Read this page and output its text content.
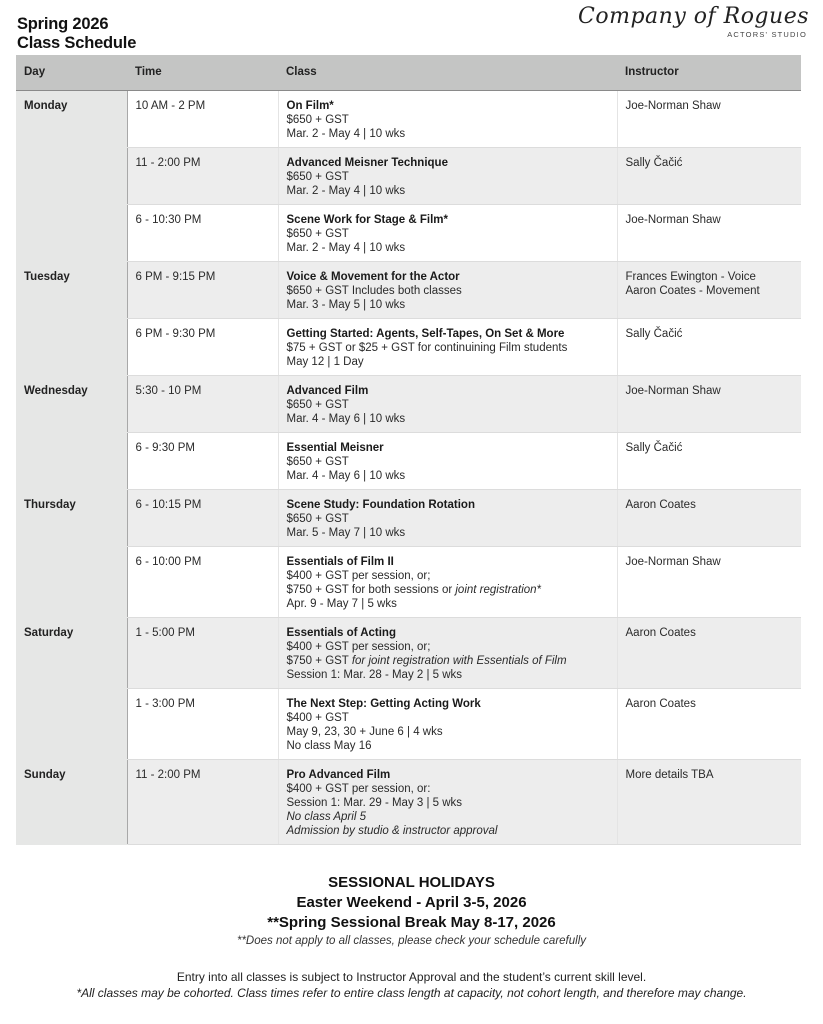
Spring 2026
Class Schedule
Company of Rogues
ACTORS' STUDIO
Day	Time	Class	Instructor
Monday	10 AM - 2 PM	On Film*
$650 + GST
Mar. 2 - May 4 | 10 wks	Joe-Norman Shaw

	11 - 2:00 PM	Advanced Meisner Technique
$650 + GST
Mar. 2 - May 4 | 10 wks	Sally Čačić

	6 - 10:30 PM	Scene Work for Stage & Film*
$650 + GST
Mar. 2 - May 4 | 10 wks	Joe-Norman Shaw

Tuesday	6 PM - 9:15 PM	Voice & Movement for the Actor
$650 + GST Includes both classes
Mar. 3 - May 5 | 10 wks	Frances Ewington - Voice
Aaron Coates - Movement

	6 PM - 9:30 PM	Getting Started: Agents, Self-Tapes, On Set & More
$75 + GST or $25 + GST for continuining Film students
May 12 | 1 Day	Sally Čačić

Wednesday	5:30 - 10 PM	Advanced Film
$650 + GST
Mar. 4 - May 6 | 10 wks	Joe-Norman Shaw

	6 - 9:30 PM	Essential Meisner
$650 + GST
Mar. 4 - May 6 | 10 wks	Sally Čačić

Thursday	6 - 10:15 PM	Scene Study: Foundation Rotation
$650 + GST
Mar. 5 - May 7 | 10 wks	Aaron Coates

	6 - 10:00 PM	Essentials of Film II
$400 + GST per session, or;
$750 + GST for both sessions or joint registration*
Apr. 9 - May 7 | 5 wks	Joe-Norman Shaw

Saturday	1 - 5:00 PM	Essentials of Acting
$400 + GST per session, or;
$750 + GST for joint registration with Essentials of Film
Session 1: Mar. 28 - May 2 | 5 wks	Aaron Coates

	1 - 3:00 PM	The Next Step: Getting Acting Work
$400 + GST
May 9, 23, 30 + June 6 | 4 wks
No class May 16	Aaron Coates

Sunday	11 - 2:00 PM	Pro Advanced Film
$400 + GST per session, or:
Session 1: Mar. 29 - May 3 | 5 wks
No class April 5
Admission by studio & instructor approval	More details TBA
SESSIONAL HOLIDAYS
Easter Weekend - April 3-5, 2026
**Spring Sessional Break May 8-17, 2026
**Does not apply to all classes, please check your schedule carefully
Entry into all classes is subject to Instructor Approval and the student’s current skill level.
*All classes may be cohorted. Class times refer to entire class length at capacity, not cohort length, and therefore may change.
